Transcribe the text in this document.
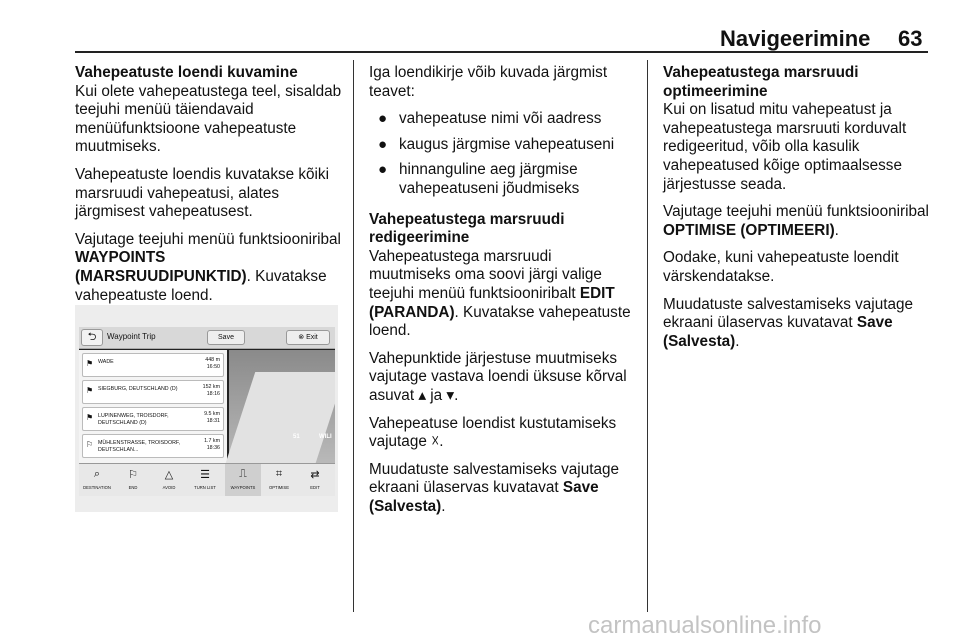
Navigeerimine 63
Vahepeatuste loendi kuvamine

Kui olete vahepeatustega teel, sisaldab teejuhi menüü täiendavaid menüüfunktsioone vahepeatuste muutmiseks.

Vahepeatuste loendis kuvatakse kõiki marsruudi vahepeatusi, alates järgmisest vahepeatusest.

Vajutage teejuhi menüü funktsiooniribal WAYPOINTS (MARSRUUDIPUNKTID). Kuvatakse vahepeatuste loend.

⮌	Waypoint Trip	Save	⊗ Exit
⚑ WADE	448 m
16:50
⚑ SIEGBURG, DEUTSCHLAND (D)	152 km
18:16
⚑ LUPINENWEG, TROISDORF, DEUTSCHLAND (D)
9.5 km
18:31
⚐ MÜHLENSTRASSE, TROISDORF, DEUTSCHLAN...
1.7 km
18:36
51	WILI
⌕
DESTINATION
⚐
END
△
AVOID
☰
TURN LIST
⎍
WAYPOINTS
⌗
OPTIMISE
⇄
EDIT

Iga loendikirje võib kuvada järgmist teavet:

● vahepeatuse nimi või aadress
● kaugus järgmise vahepeatuseni
● hinnanguline aeg järgmise vahepeatuseni jõudmiseks
Vahepeatustega marsruudi redigeerimine

Vahepeatustega marsruudi muutmiseks oma soovi järgi valige teejuhi menüü funktsiooniribalt EDIT (PARANDA). Kuvatakse vahepeatuste loend.

Vahepunktide järjestuse muutmiseks vajutage vastava loendi üksuse kõrval asuvat ▴ ja ▾.

Vahepeatuse loendist kustutamiseks vajutage ☓.

Muudatuste salvestamiseks vajutage ekraani ülaservas kuvatavat Save (Salvesta).

Vahepeatustega marsruudi optimeerimine

Kui on lisatud mitu vahepeatust ja vahepeatustega marsruuti korduvalt redigeeritud, võib olla kasulik vahepeatused kõige optimaalsesse järjestusse seada.

Vajutage teejuhi menüü funktsiooniribal OPTIMISE (OPTIMEERI).

Oodake, kuni vahepeatuste loendit värskendatakse.

Muudatuste salvestamiseks vajutage ekraani ülaservas kuvatavat Save (Salvesta).

carmanualsonline.info
